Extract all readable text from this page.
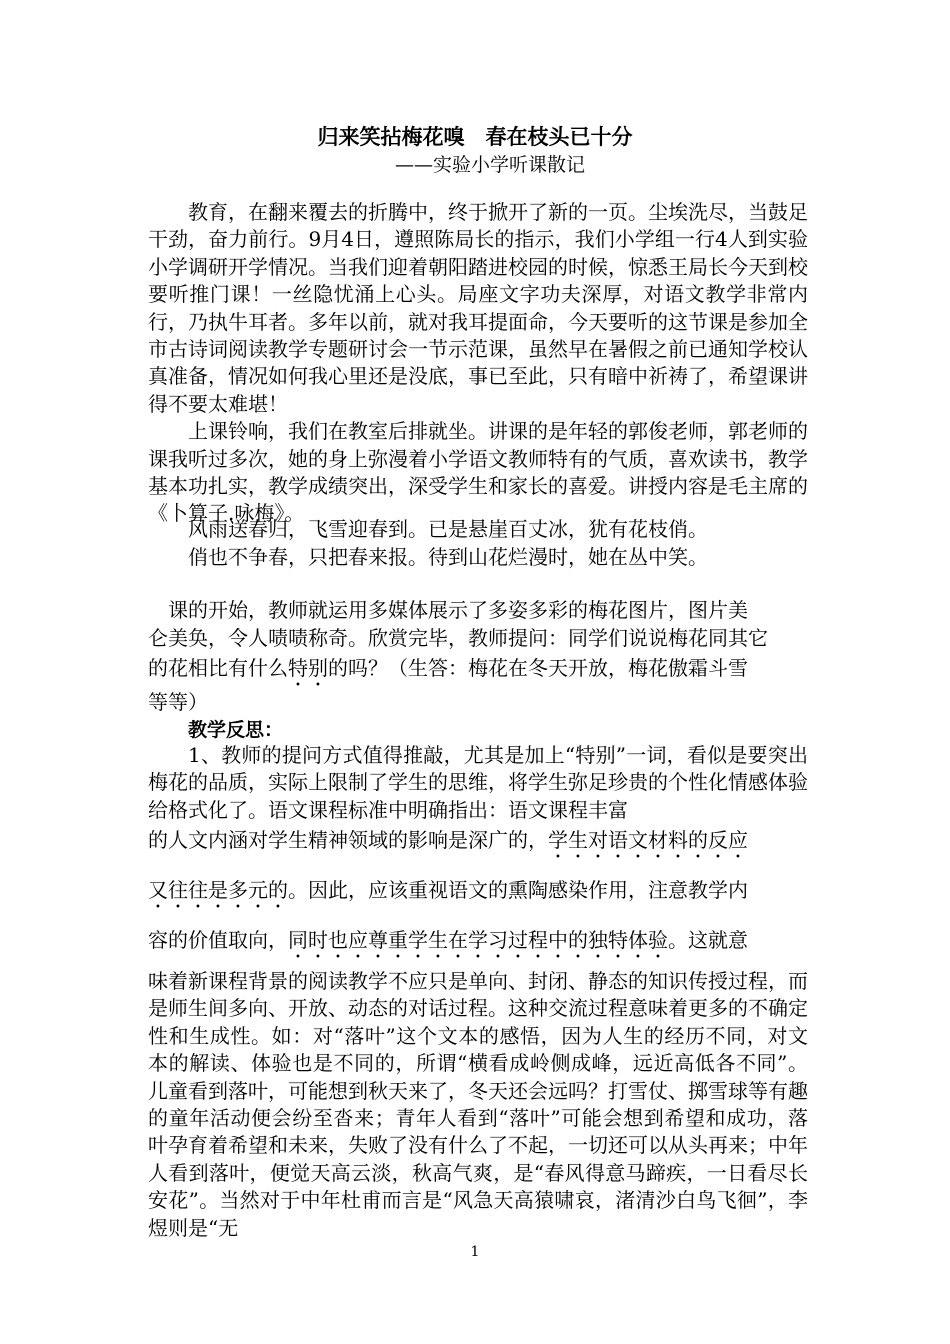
归来笑拈梅花嗅　春在枝头已十分
——实验小学听课散记

教育，在翻来覆去的折腾中，终于掀开了新的一页。尘埃洗尽，当鼓足干劲，奋力前行。9月4日，遵照陈局长的指示，我们小学组一行4人到实验小学调研开学情况。当我们迎着朝阳踏进校园的时候，惊悉王局长今天到校要听推门课！一丝隐忧涌上心头。局座文字功夫深厚，对语文教学非常内行，乃执牛耳者。多年以前，就对我耳提面命，今天要听的这节课是参加全市古诗词阅读教学专题研讨会一节示范课，虽然早在暑假之前已通知学校认真准备，情况如何我心里还是没底，事已至此，只有暗中祈祷了，希望课讲得不要太难堪！

上课铃响，我们在教室后排就坐。讲课的是年轻的郭俊老师，郭老师的课我听过多次，她的身上弥漫着小学语文教师特有的气质，喜欢读书，教学基本功扎实，教学成绩突出，深受学生和家长的喜爱。讲授内容是毛主席的《卜算子.咏梅》。

风雨送春归，飞雪迎春到。已是悬崖百丈冰，犹有花枝俏。
俏也不争春，只把春来报。待到山花烂漫时，她在丛中笑。
课的开始，教师就运用多媒体展示了多姿多彩的梅花图片，图片美
仑美奂，令人啧啧称奇。欣赏完毕，教师提问：同学们说说梅花同其它
的花相比有什么特别的吗？（生答：梅花在冬天开放，梅花傲霜斗雪
等等）
教学反思：
1、教师的提问方式值得推敲，尤其是加上“特别”一词，看似是要突出梅花的品质，实际上限制了学生的思维，将学生弥足珍贵的个性化情感体验给格式化了。语文课程标准中明确指出：语文课程丰富
的人文内涵对学生精神领域的影响是深广的，学生对语文材料的反应
又往往是多元的。因此，应该重视语文的熏陶感染作用，注意教学内
容的价值取向，同时也应尊重学生在学习过程中的独特体验。这就意
味着新课程背景的阅读教学不应只是单向、封闭、静态的知识传授过程，而是师生间多向、开放、动态的对话过程。这种交流过程意味着更多的不确定性和生成性。如：对“落叶”这个文本的感悟，因为人生的经历不同，对文本的解读、体验也是不同的，所谓“横看成岭侧成峰，远近高低各不同”。儿童看到落叶，可能想到秋天来了，冬天还会远吗？打雪仗、掷雪球等有趣的童年活动便会纷至沓来；青年人看到“落叶”可能会想到希望和成功，落叶孕育着希望和未来，失败了没有什么了不起，一切还可以从头再来；中年人看到落叶，便觉天高云淡，秋高气爽，是“春风得意马蹄疾，一日看尽长安花”。当然对于中年杜甫而言是“风急天高猿啸哀，渚清沙白鸟飞徊”，李煜则是“无
1
